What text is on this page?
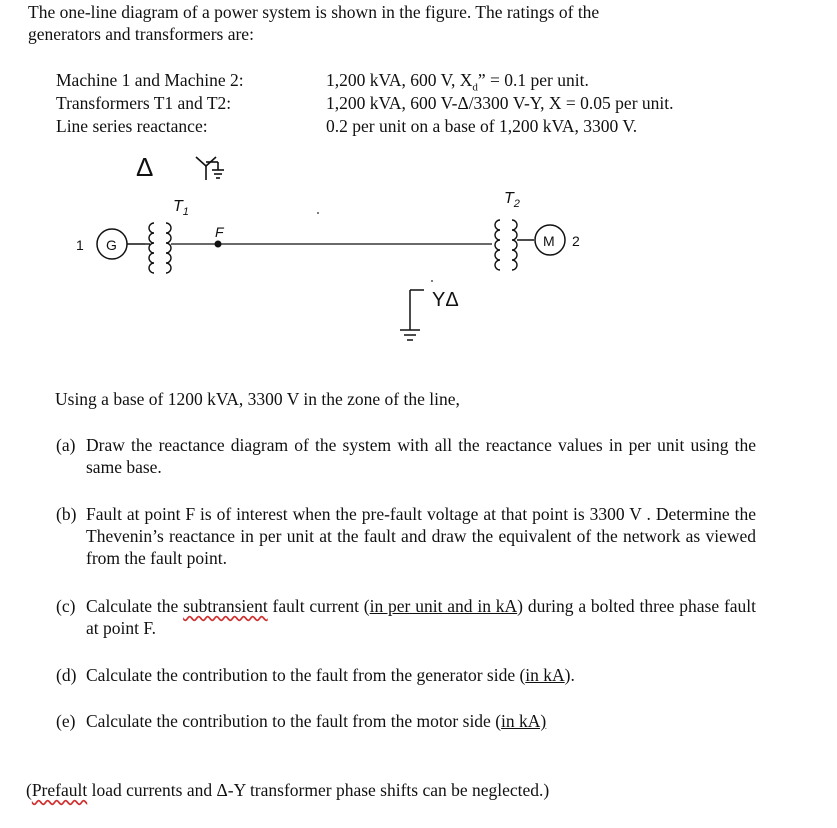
The one-line diagram of a power system is shown in the figure. The ratings of the
generators and transformers are:
Machine 1 and Machine 2:	1,200 kVA, 600 V, $X_d$” = 0.1 per unit.
Transformers T1 and T2:	1,200 kVA, 600 V-Δ/3300 V-Y, X = 0.05 per unit.
Line series reactance:	0.2 per unit on a base of 1,200 kVA, 3300 V.
Δ
1 G
$T_1$
F
$T_2$
M 2
YΔ
Using a base of 1200 kVA, 3300 V in the zone of the line,
(a) Draw the reactance diagram of the system with all the reactance values in per unit using the same base.
(b) Fault at point F is of interest when the pre-fault voltage at that point is 3300 V . Determine the Thevenin’s reactance in per unit at the fault and draw the equivalent of the network as viewed from the fault point.
(c) Calculate the subtransient fault current (in per unit and in kA) during a bolted three phase fault at point F.
(d) Calculate the contribution to the fault from the generator side (in kA).
(e) Calculate the contribution to the fault from the motor side (in kA)
(Prefault load currents and Δ-Y transformer phase shifts can be neglected.)
